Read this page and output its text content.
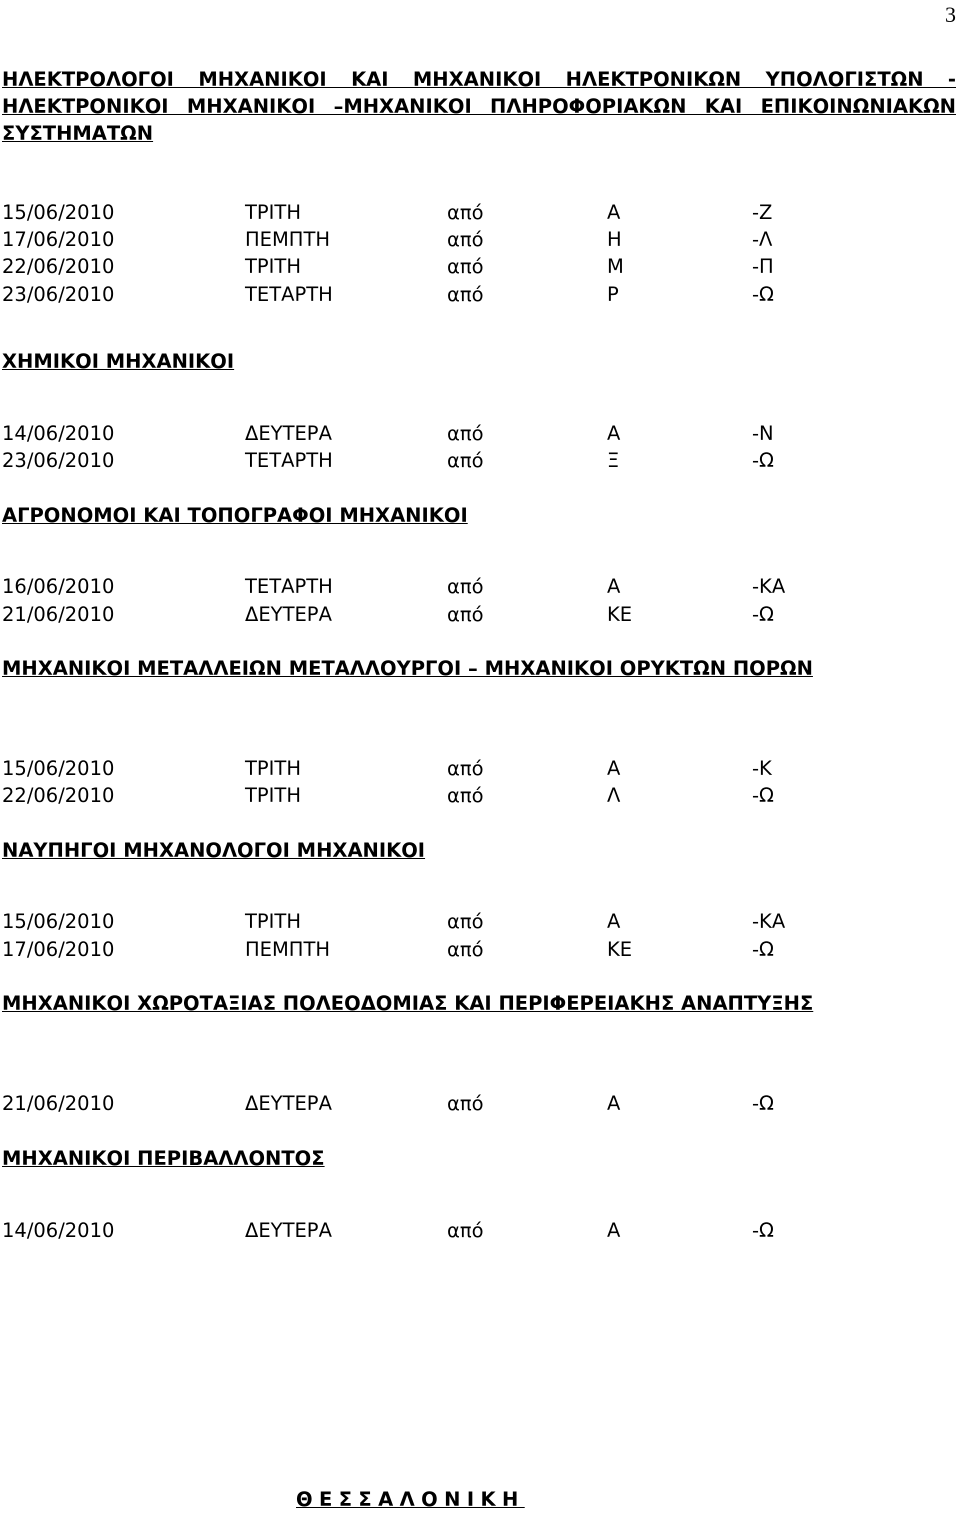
3
ΗΛΕΚΤΡΟΛΟΓΟΙ ΜΗΧΑΝΙΚΟΙ ΚΑΙ ΜΗΧΑΝΙΚΟΙ ΗΛΕΚΤΡΟΝΙΚΩΝ ΥΠΟΛΟΓΙΣΤΩΝ - ΗΛΕΚΤΡΟΝΙΚΟΙ ΜΗΧΑΝΙΚΟΙ –ΜΗΧΑΝΙΚΟΙ ΠΛΗΡΟΦΟΡΙΑΚΩΝ ΚΑΙ ΕΠΙΚΟΙΝΩΝΙΑΚΩΝ ΣΥΣΤΗΜΑΤΩΝ
15/06/2010	ΤΡΙΤΗ	από	Α	-Ζ
17/06/2010	ΠΕΜΠΤΗ	από	Η	-Λ
22/06/2010	ΤΡΙΤΗ	από	Μ	-Π
23/06/2010	ΤΕΤΑΡΤΗ	από	Ρ	-Ω
ΧΗΜΙΚΟΙ ΜΗΧΑΝΙΚΟΙ
14/06/2010	ΔΕΥΤΕΡΑ	από	Α	-Ν
23/06/2010	ΤΕΤΑΡΤΗ	από	Ξ	-Ω
ΑΓΡΟΝΟΜΟΙ ΚΑΙ ΤΟΠΟΓΡΑΦΟΙ ΜΗΧΑΝΙΚΟΙ
16/06/2010	ΤΕΤΑΡΤΗ	από	Α	-ΚΑ
21/06/2010	ΔΕΥΤΕΡΑ	από	ΚΕ	-Ω
ΜΗΧΑΝΙΚΟΙ ΜΕΤΑΛΛΕΙΩΝ ΜΕΤΑΛΛΟΥΡΓΟΙ – ΜΗΧΑΝΙΚΟΙ ΟΡΥΚΤΩΝ ΠΟΡΩΝ
15/06/2010	ΤΡΙΤΗ	από	Α	-Κ
22/06/2010	ΤΡΙΤΗ	από	Λ	-Ω
ΝΑΥΠΗΓΟΙ ΜΗΧΑΝΟΛΟΓΟΙ ΜΗΧΑΝΙΚΟΙ
15/06/2010	ΤΡΙΤΗ	από	Α	-ΚΑ
17/06/2010	ΠΕΜΠΤΗ	από	ΚΕ	-Ω
ΜΗΧΑΝΙΚΟΙ ΧΩΡΟΤΑΞΙΑΣ ΠΟΛΕΟΔΟΜΙΑΣ ΚΑΙ ΠΕΡΙΦΕΡΕΙΑΚΗΣ ΑΝΑΠΤΥΞΗΣ
21/06/2010	ΔΕΥΤΕΡΑ	από	Α	-Ω
ΜΗΧΑΝΙΚΟΙ ΠΕΡΙΒΑΛΛΟΝΤΟΣ
14/06/2010	ΔΕΥΤΕΡΑ	από	Α	-Ω
ΘΕΣΣΑΛΟΝΙΚΗ
